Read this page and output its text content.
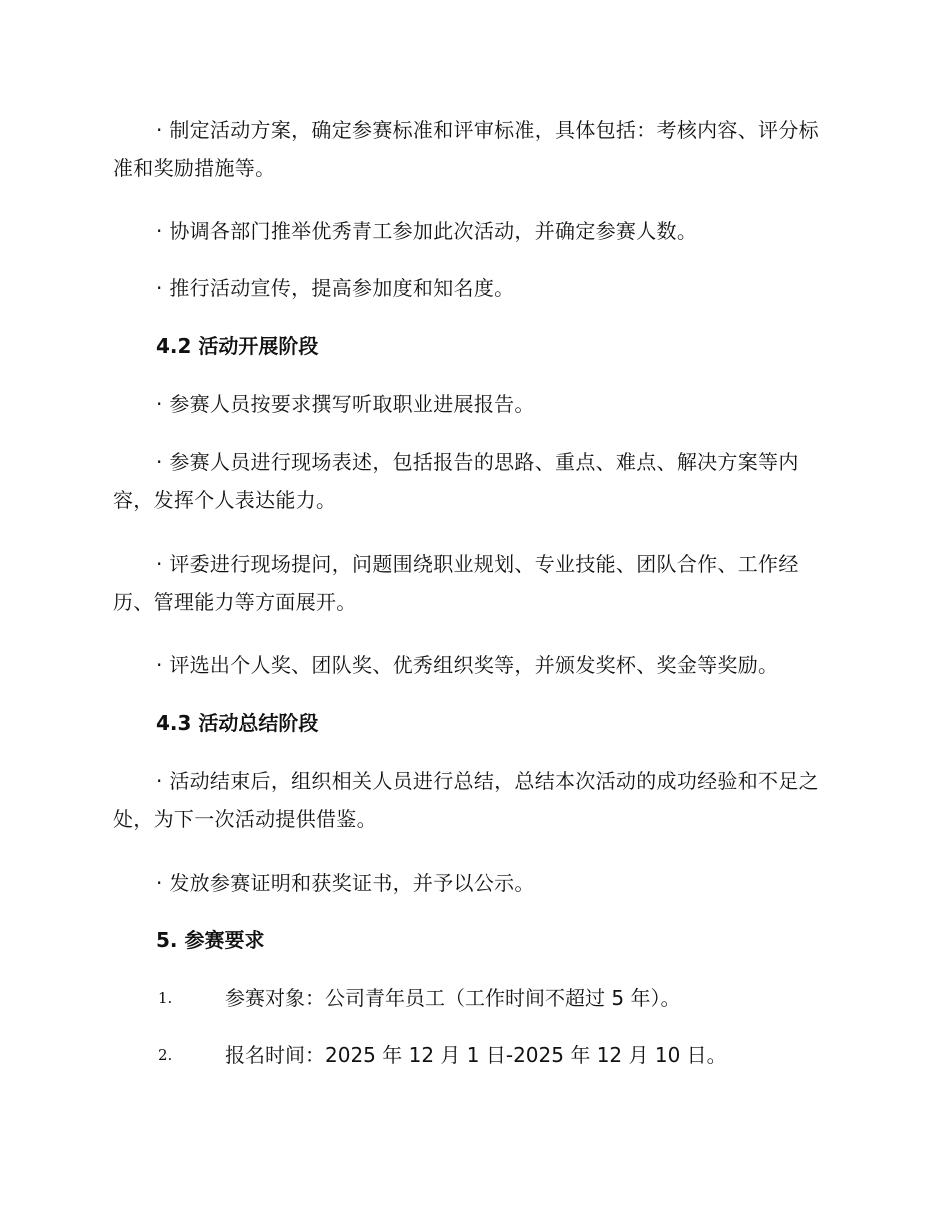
· 制定活动方案，确定参赛标准和评审标准，具体包括：考核内容、评分标准和奖励措施等。

· 协调各部门推举优秀青工参加此次活动，并确定参赛人数。

· 推行活动宣传，提高参加度和知名度。

4.2 活动开展阶段

· 参赛人员按要求撰写听取职业进展报告。

· 参赛人员进行现场表述，包括报告的思路、重点、难点、解决方案等内容，发挥个人表达能力。

· 评委进行现场提问，问题围绕职业规划、专业技能、团队合作、工作经历、管理能力等方面展开。

· 评选出个人奖、团队奖、优秀组织奖等，并颁发奖杯、奖金等奖励。

4.3 活动总结阶段

· 活动结束后，组织相关人员进行总结，总结本次活动的成功经验和不足之处，为下一次活动提供借鉴。

· 发放参赛证明和获奖证书，并予以公示。

5. 参赛要求

1.	参赛对象：公司青年员工（工作时间不超过 5 年）。
2.	报名时间：2025 年 12 月 1 日-2025 年 12 月 10 日。
